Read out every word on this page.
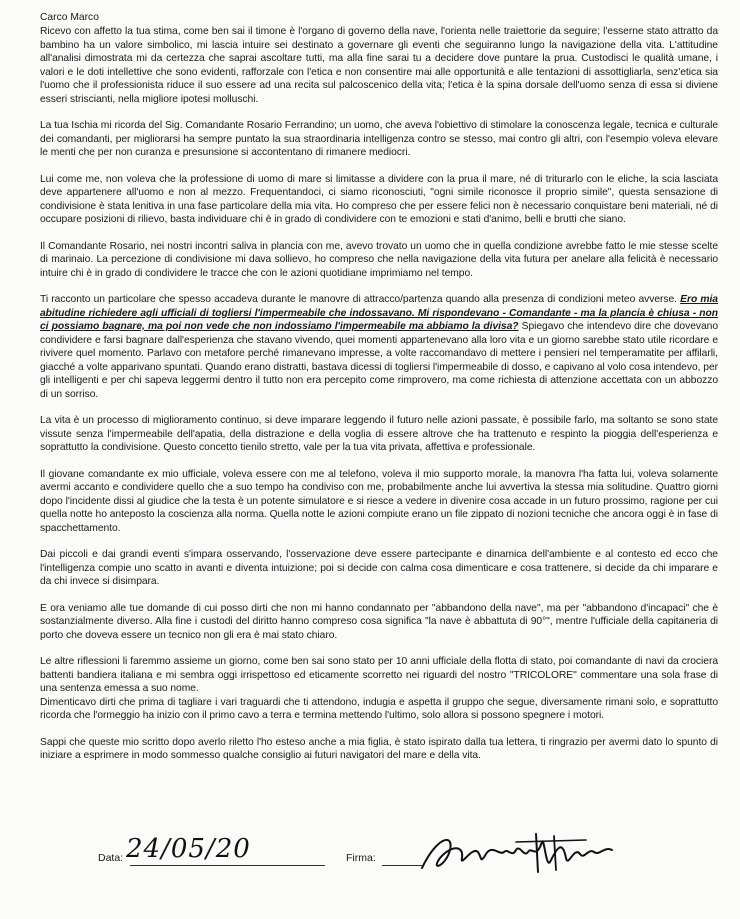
Carco Marco

Ricevo con affetto la tua stima, come ben sai il timone è l'organo di governo della nave, l'orienta nelle traiettorie da seguire; l'esserne stato attratto da bambino ha un valore simbolico, mi lascia intuire sei destinato a governare gli eventi che seguiranno lungo la navigazione della vita. L'attitudine all'analisi dimostrata mi da certezza che saprai ascoltare tutti, ma alla fine sarai tu a decidere dove puntare la prua. Custodisci le qualità umane, i valori e le doti intellettive che sono evidenti, rafforzale con l'etica e non consentire mai alle opportunità e alle tentazioni di assottigliarla, senz'etica sia l'uomo che il professionista riduce il suo essere ad una recita sul palcoscenico della vita; l'etica è la spina dorsale dell'uomo senza di essa si diviene esseri striscianti, nella migliore ipotesi molluschi.

La tua Ischia mi ricorda del Sig. Comandante Rosario Ferrandino; un uomo, che aveva l'obiettivo di stimolare la conoscenza legale, tecnica e culturale dei comandanti, per migliorarsi ha sempre puntato la sua straordinaria intelligenza contro se stesso, mai contro gli altri, con l'esempio voleva elevare le menti che per non curanza e presunsione si accontentano di rimanere mediocri.

Lui come me, non voleva che la professione di uomo di mare si limitasse a dividere con la prua il mare, né di triturarlo con le eliche, la scia lasciata deve appartenere all'uomo e non al mezzo. Frequentandoci, ci siamo riconosciuti, "ogni simile riconosce il proprio simile", questa sensazione di condivisione è stata lenitiva in una fase particolare della mia vita. Ho compreso che per essere felici non è necessario conquistare beni materiali, né di occupare posizioni di rilievo, basta individuare chi è in grado di condividere con te emozioni e stati d'animo, belli e brutti che siano.

Il Comandante Rosario, nei nostri incontri saliva in plancia con me, avevo trovato un uomo che in quella condizione avrebbe fatto le mie stesse scelte di marinaio. La percezione di condivisione mi dava sollievo, ho compreso che nella navigazione della vita futura per anelare alla felicità è necessario intuire chi è in grado di condividere le tracce che con le azioni quotidiane imprimiamo nel tempo.

Ti racconto un particolare che spesso accadeva durante le manovre di attracco/partenza quando alla presenza di condizioni meteo avverse. Ero mia abitudine richiedere agli ufficiali di togliersi l'impermeabile che indossavano. Mi rispondevano - Comandante - ma la plancia è chiusa - non ci possiamo bagnare, ma poi non vede che non indossiamo l'impermeabile ma abbiamo la divisa? Spiegavo che intendevo dire che dovevano condividere e farsi bagnare dall'esperienza che stavano vivendo, quei momenti appartenevano alla loro vita e un giorno sarebbe stato utile ricordare e rivivere quel momento. Parlavo con metafore perché rimanevano impresse, a volte raccomandavo di mettere i pensieri nel temperamatite per affilarli, giacché a volte apparivano spuntati. Quando erano distratti, bastava dicessi di togliersi l'impermeabile di dosso, e capivano al volo cosa intendevo, per gli intelligenti e per chi sapeva leggermi dentro il tutto non era percepito come rimprovero, ma come richiesta di attenzione accettata con un abbozzo di un sorriso.

La vita è un processo di miglioramento continuo, si deve imparare leggendo il futuro nelle azioni passate, è possibile farlo, ma soltanto se sono state vissute senza l'impermeabile dell'apatia, della distrazione e della voglia di essere altrove che ha trattenuto e respinto la pioggia dell'esperienza e soprattutto la condivisione. Questo concetto tienilo stretto, vale per la tua vita privata, affettiva e professionale.

Il giovane comandante ex mio ufficiale, voleva essere con me al telefono, voleva il mio supporto morale, la manovra l'ha fatta lui, voleva solamente avermi accanto e condividere quello che a suo tempo ha condiviso con me, probabilmente anche lui avvertiva la stessa mia solitudine. Quattro giorni dopo l'incidente dissi al giudice che la testa è un potente simulatore e si riesce a vedere in divenire cosa accade in un futuro prossimo, ragione per cui quella notte ho anteposto la coscienza alla norma. Quella notte le azioni compiute erano un file zippato di nozioni tecniche che ancora oggi è in fase di spacchettamento.

Dai piccoli e dai grandi eventi s'impara osservando, l'osservazione deve essere partecipante e dinamica dell'ambiente e al contesto ed ecco che l'intelligenza compie uno scatto in avanti e diventa intuizione; poi si decide con calma cosa dimenticare e cosa trattenere, si decide da chi imparare e da chi invece si disimpara.

E ora veniamo alle tue domande di cui posso dirti che non mi hanno condannato per "abbandono della nave", ma per "abbandono d'incapaci" che è sostanzialmente diverso. Alla fine i custodi del diritto hanno compreso cosa significa "la nave è abbattuta di 90°", mentre l'ufficiale della capitaneria di porto che doveva essere un tecnico non gli era è mai stato chiaro.

Le altre riflessioni li faremmo assieme un giorno, come ben sai sono stato per 10 anni ufficiale della flotta di stato, poi comandante di navi da crociera battenti bandiera italiana e mi sembra oggi irrispettoso ed eticamente scorretto nei riguardi del nostro "TRICOLORE" commentare una sola frase di una sentenza emessa a suo nome.

Dimenticavo dirti che prima di tagliare i vari traguardi che ti attendono, indugia e aspetta il gruppo che segue, diversamente rimani solo, e soprattutto ricorda che l'ormeggio ha inizio con il primo cavo a terra e termina mettendo l'ultimo, solo allora si possono spegnere i motori.

Sappi che queste mio scritto dopo averlo riletto l'ho esteso anche a mia figlia, è stato ispirato dalla tua lettera, ti ringrazio per avermi dato lo spunto di iniziare a esprimere in modo sommesso qualche consiglio ai futuri navigatori del mare e della vita.

Data: 24/05/20	Firma:
